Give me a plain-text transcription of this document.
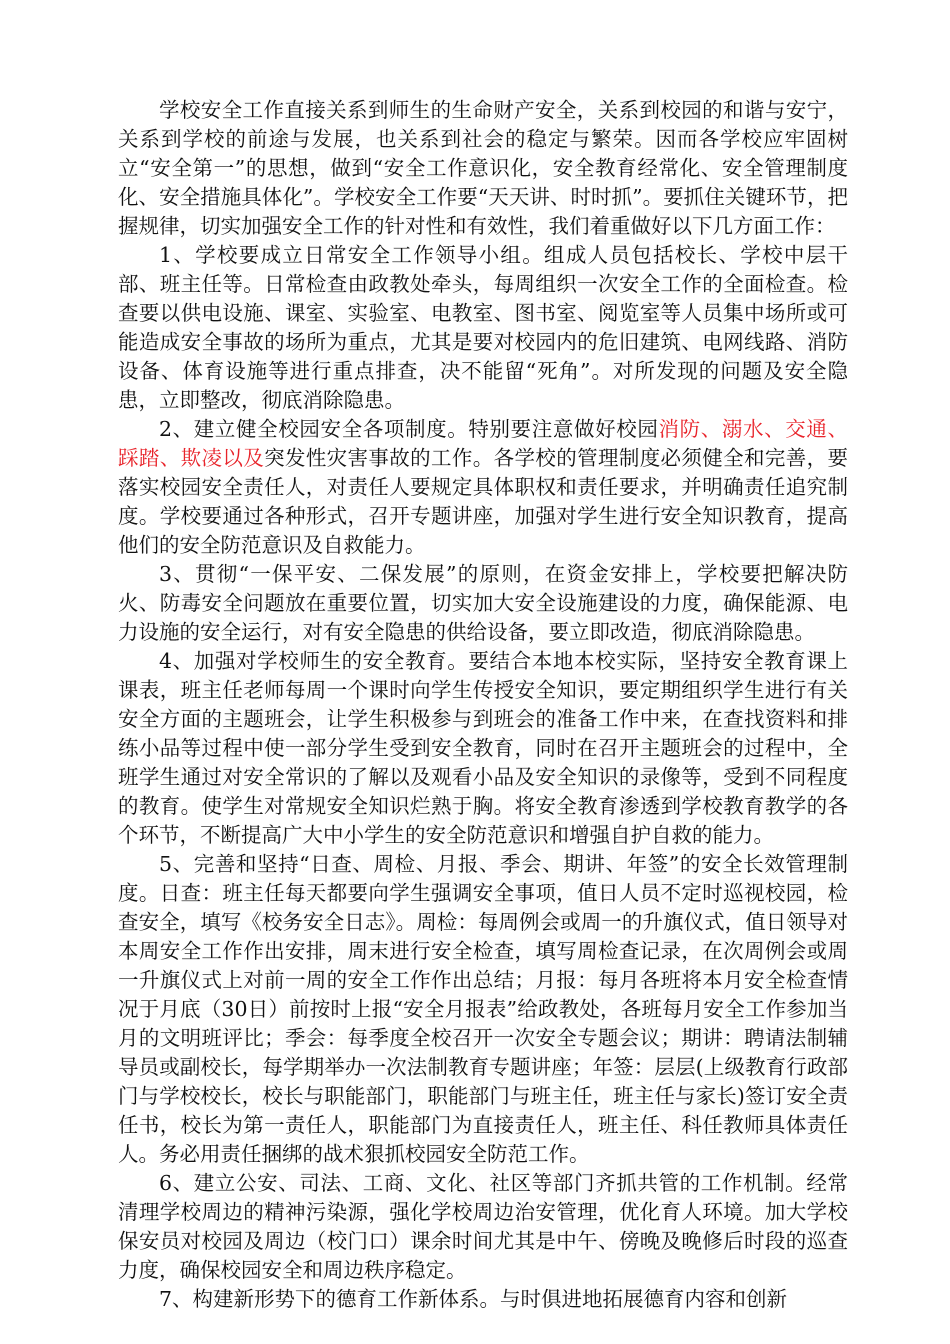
学校安全工作直接关系到师生的生命财产安全，关系到校园的和谐与安宁，关系到学校的前途与发展，也关系到社会的稳定与繁荣。因而各学校应牢固树立“安全第一”的思想，做到“安全工作意识化，安全教育经常化、安全管理制度化、安全措施具体化”。学校安全工作要“天天讲、时时抓”。要抓住关键环节，把握规律，切实加强安全工作的针对性和有效性，我们着重做好以下几方面工作：

1、学校要成立日常安全工作领导小组。组成人员包括校长、学校中层干部、班主任等。日常检查由政教处牵头，每周组织一次安全工作的全面检查。检查要以供电设施、课室、实验室、电教室、图书室、阅览室等人员集中场所或可能造成安全事故的场所为重点，尤其是要对校园内的危旧建筑、电网线路、消防设备、体育设施等进行重点排查，决不能留“死角”。对所发现的问题及安全隐患，立即整改，彻底消除隐患。

2、建立健全校园安全各项制度。特别要注意做好校园消防、溺水、交通、踩踏、欺凌以及突发性灾害事故的工作。各学校的管理制度必须健全和完善，要落实校园安全责任人，对责任人要规定具体职权和责任要求，并明确责任追究制度。学校要通过各种形式，召开专题讲座，加强对学生进行安全知识教育，提高他们的安全防范意识及自救能力。

3、贯彻“一保平安、二保发展”的原则，在资金安排上，学校要把解决防火、防毒安全问题放在重要位置，切实加大安全设施建设的力度，确保能源、电力设施的安全运行，对有安全隐患的供给设备，要立即改造，彻底消除隐患。

4、加强对学校师生的安全教育。要结合本地本校实际，坚持安全教育课上课表，班主任老师每周一个课时向学生传授安全知识，要定期组织学生进行有关安全方面的主题班会，让学生积极参与到班会的准备工作中来，在查找资料和排练小品等过程中使一部分学生受到安全教育，同时在召开主题班会的过程中，全班学生通过对安全常识的了解以及观看小品及安全知识的录像等，受到不同程度的教育。使学生对常规安全知识烂熟于胸。将安全教育渗透到学校教育教学的各个环节，不断提高广大中小学生的安全防范意识和增强自护自救的能力。

5、完善和坚持“日查、周检、月报、季会、期讲、年签”的安全长效管理制度。日查：班主任每天都要向学生强调安全事项，值日人员不定时巡视校园，检查安全，填写《校务安全日志》。周检：每周例会或周一的升旗仪式，值日领导对本周安全工作作出安排，周末进行安全检查，填写周检查记录，在次周例会或周一升旗仪式上对前一周的安全工作作出总结；月报：每月各班将本月安全检查情况于月底（30日）前按时上报“安全月报表”给政教处，各班每月安全工作参加当月的文明班评比；季会：每季度全校召开一次安全专题会议；期讲：聘请法制辅导员或副校长，每学期举办一次法制教育专题讲座；年签：层层(上级教育行政部门与学校校长，校长与职能部门，职能部门与班主任，班主任与家长)签订安全责任书，校长为第一责任人，职能部门为直接责任人，班主任、科任教师具体责任人。务必用责任捆绑的战术狠抓校园安全防范工作。

6、建立公安、司法、工商、文化、社区等部门齐抓共管的工作机制。经常清理学校周边的精神污染源，强化学校周边治安管理，优化育人环境。加大学校保安员对校园及周边（校门口）课余时间尤其是中午、傍晚及晚修后时段的巡查力度，确保校园安全和周边秩序稳定。

7、构建新形势下的德育工作新体系。与时俱进地拓展德育内容和创新
